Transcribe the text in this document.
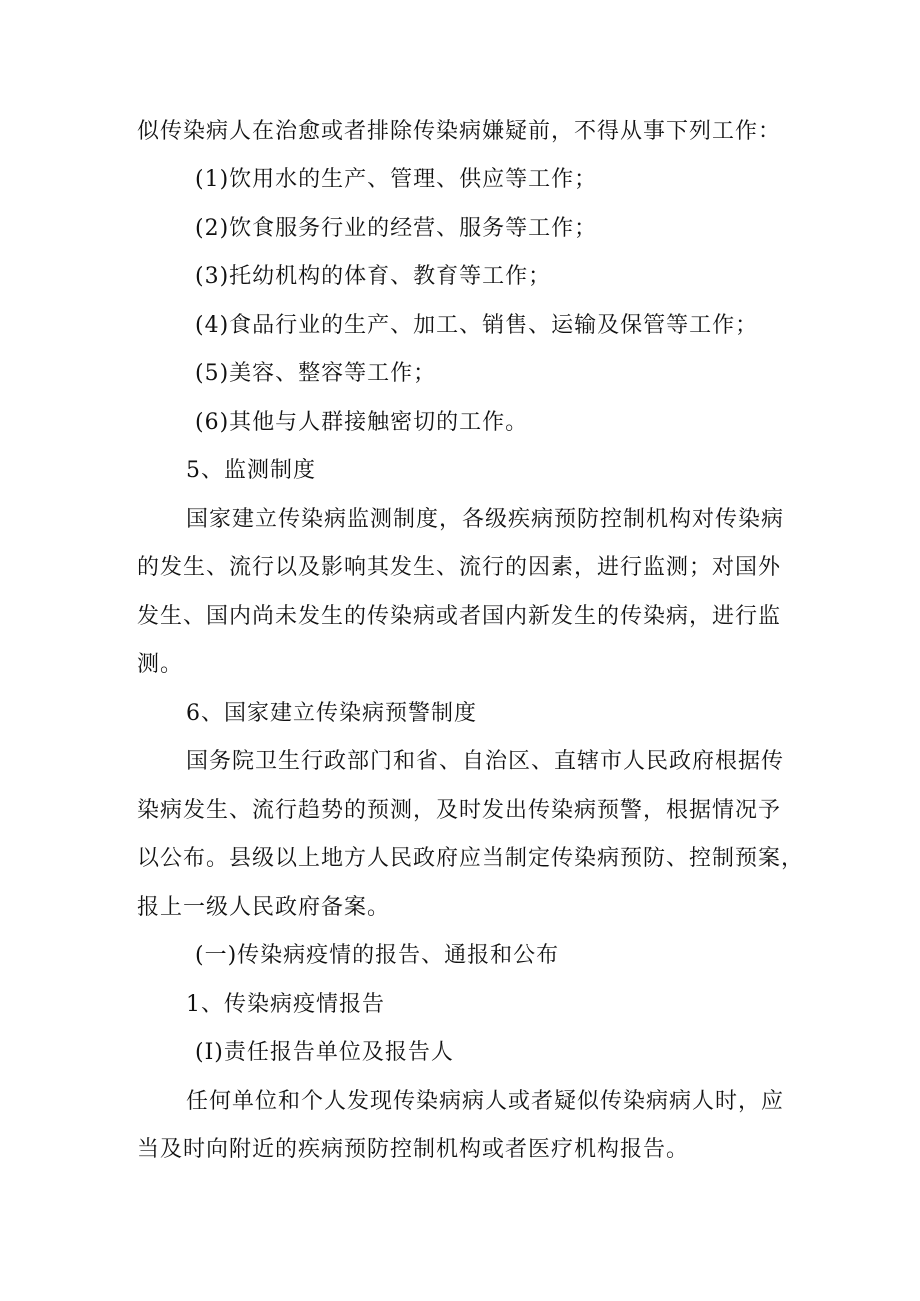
似传染病人在治愈或者排除传染病嫌疑前，不得从事下列工作：
(1)饮用水的生产、管理、供应等工作；
(2)饮食服务行业的经营、服务等工作；
(3)托幼机构的体育、教育等工作；
(4)食品行业的生产、加工、销售、运输及保管等工作；
(5)美容、整容等工作；
(6)其他与人群接触密切的工作。
5、监测制度
国家建立传染病监测制度，各级疾病预防控制机构对传染病
的发生、流行以及影响其发生、流行的因素，进行监测；对国外
发生、国内尚未发生的传染病或者国内新发生的传染病，进行监
测。
6、国家建立传染病预警制度
国务院卫生行政部门和省、自治区、直辖市人民政府根据传
染病发生、流行趋势的预测，及时发出传染病预警，根据情况予
以公布。县级以上地方人民政府应当制定传染病预防、控制预案，
报上一级人民政府备案。
(一)传染病疫情的报告、通报和公布
1、传染病疫情报告
(I)责任报告单位及报告人
任何单位和个人发现传染病病人或者疑似传染病病人时，应
当及时向附近的疾病预防控制机构或者医疗机构报告。
